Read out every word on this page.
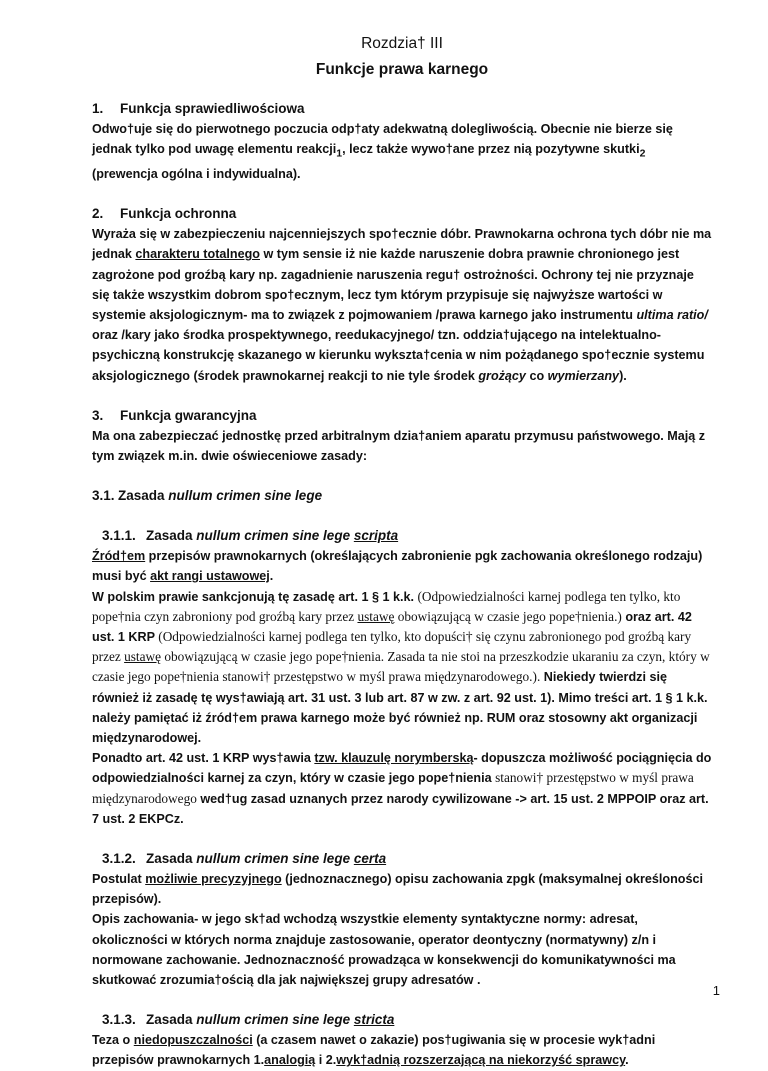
Rozdzia† III

Funkcje prawa karnego

1. Funkcja sprawiedliwościowa

Odwo†uje się do pierwotnego poczucia odp†aty adekwatną dolegliwością. Obecnie nie bierze się jednak tylko pod uwagę elementu reakcji$_1$, lecz także wywo†ane przez nią pozytywne skutki$_2$ (prewencja ogólna i indywidualna).

2. Funkcja ochronna

Wyraża się w zabezpieczeniu najcenniejszych spo†ecznie dóbr. Prawnokarna ochrona tych dóbr nie ma jednak charakteru totalnego w tym sensie iż nie każde naruszenie dobra prawnie chronionego jest zagrożone pod groźbą kary np. zagadnienie naruszenia regu† ostrożności. Ochrony tej nie przyznaje się także wszystkim dobrom spo†ecznym, lecz tym którym przypisuje się najwyższe wartości w systemie aksjologicznym- ma to związek z pojmowaniem /prawa karnego jako instrumentu ultima ratio/ oraz /kary jako środka prospektywnego, reedukacyjnego/ tzn. oddzia†ującego na intelektualno- psychiczną konstrukcję skazanego w kierunku wykszta†cenia w nim pożądanego spo†ecznie systemu aksjologicznego (środek prawnokarnej reakcji to nie tyle środek grożący co wymierzany).

3. Funkcja gwarancyjna

Ma ona zabezpieczać jednostkę przed arbitralnym dzia†aniem aparatu przymusu państwowego. Mają z tym związek m.in. dwie oświeceniowe zasady:

3.1. Zasada nullum crimen sine lege

3.1.1. Zasada nullum crimen sine lege scripta

Źród†em przepisów prawnokarnych (określających zabronienie pgk zachowania określonego rodzaju) musi być akt rangi ustawowej.

W polskim prawie sankcjonują tę zasadę art. 1 § 1 k.k. (Odpowiedzialności karnej podlega ten tylko, kto pope†nia czyn zabroniony pod groźbą kary przez ustawę obowiązującą w czasie jego pope†nienia.) oraz art. 42 ust. 1 KRP (Odpowiedzialności karnej podlega ten tylko, kto dopuści† się czynu zabronionego pod groźbą kary przez ustawę obowiązującą w czasie jego pope†nienia. Zasada ta nie stoi na przeszkodzie ukaraniu za czyn, który w czasie jego pope†nienia stanowi† przestępstwo w myśl prawa międzynarodowego.). Niekiedy twierdzi się również iż zasadę tę wys†awiają art. 31 ust. 3 lub art. 87 w zw. z art. 92 ust. 1). Mimo treści art. 1 § 1 k.k. należy pamiętać iż źród†em prawa karnego może być również np. RUM oraz stosowny akt organizacji międzynarodowej.

Ponadto art. 42 ust. 1 KRP wys†awia tzw. klauzulę norymberską- dopuszcza możliwość pociągnięcia do odpowiedzialności karnej za czyn, który w czasie jego pope†nienia stanowi† przestępstwo w myśl prawa międzynarodowego wed†ug zasad uznanych przez narody cywilizowane -> art. 15 ust. 2 MPPOIP oraz art. 7 ust. 2 EKPCz.

3.1.2. Zasada nullum crimen sine lege certa

Postulat możliwie precyzyjnego (jednoznacznego) opisu zachowania zpgk (maksymalnej określoności przepisów).

Opis zachowania- w jego sk†ad wchodzą wszystkie elementy syntaktyczne normy: adresat, okoliczności w których norma znajduje zastosowanie, operator deontyczny (normatywny) z/n i normowane zachowanie. Jednoznaczność prowadząca w konsekwencji do komunikatywności ma skutkować zrozumia†ością dla jak największej grupy adresatów .

3.1.3. Zasada nullum crimen sine lege stricta

Teza o niedopuszczalności (a czasem nawet o zakazie) pos†ugiwania się w procesie wyk†adni przepisów prawnokarnych 1.analogią i 2.wyk†adnią rozszerzającą na niekorzyść sprawcy.

1
